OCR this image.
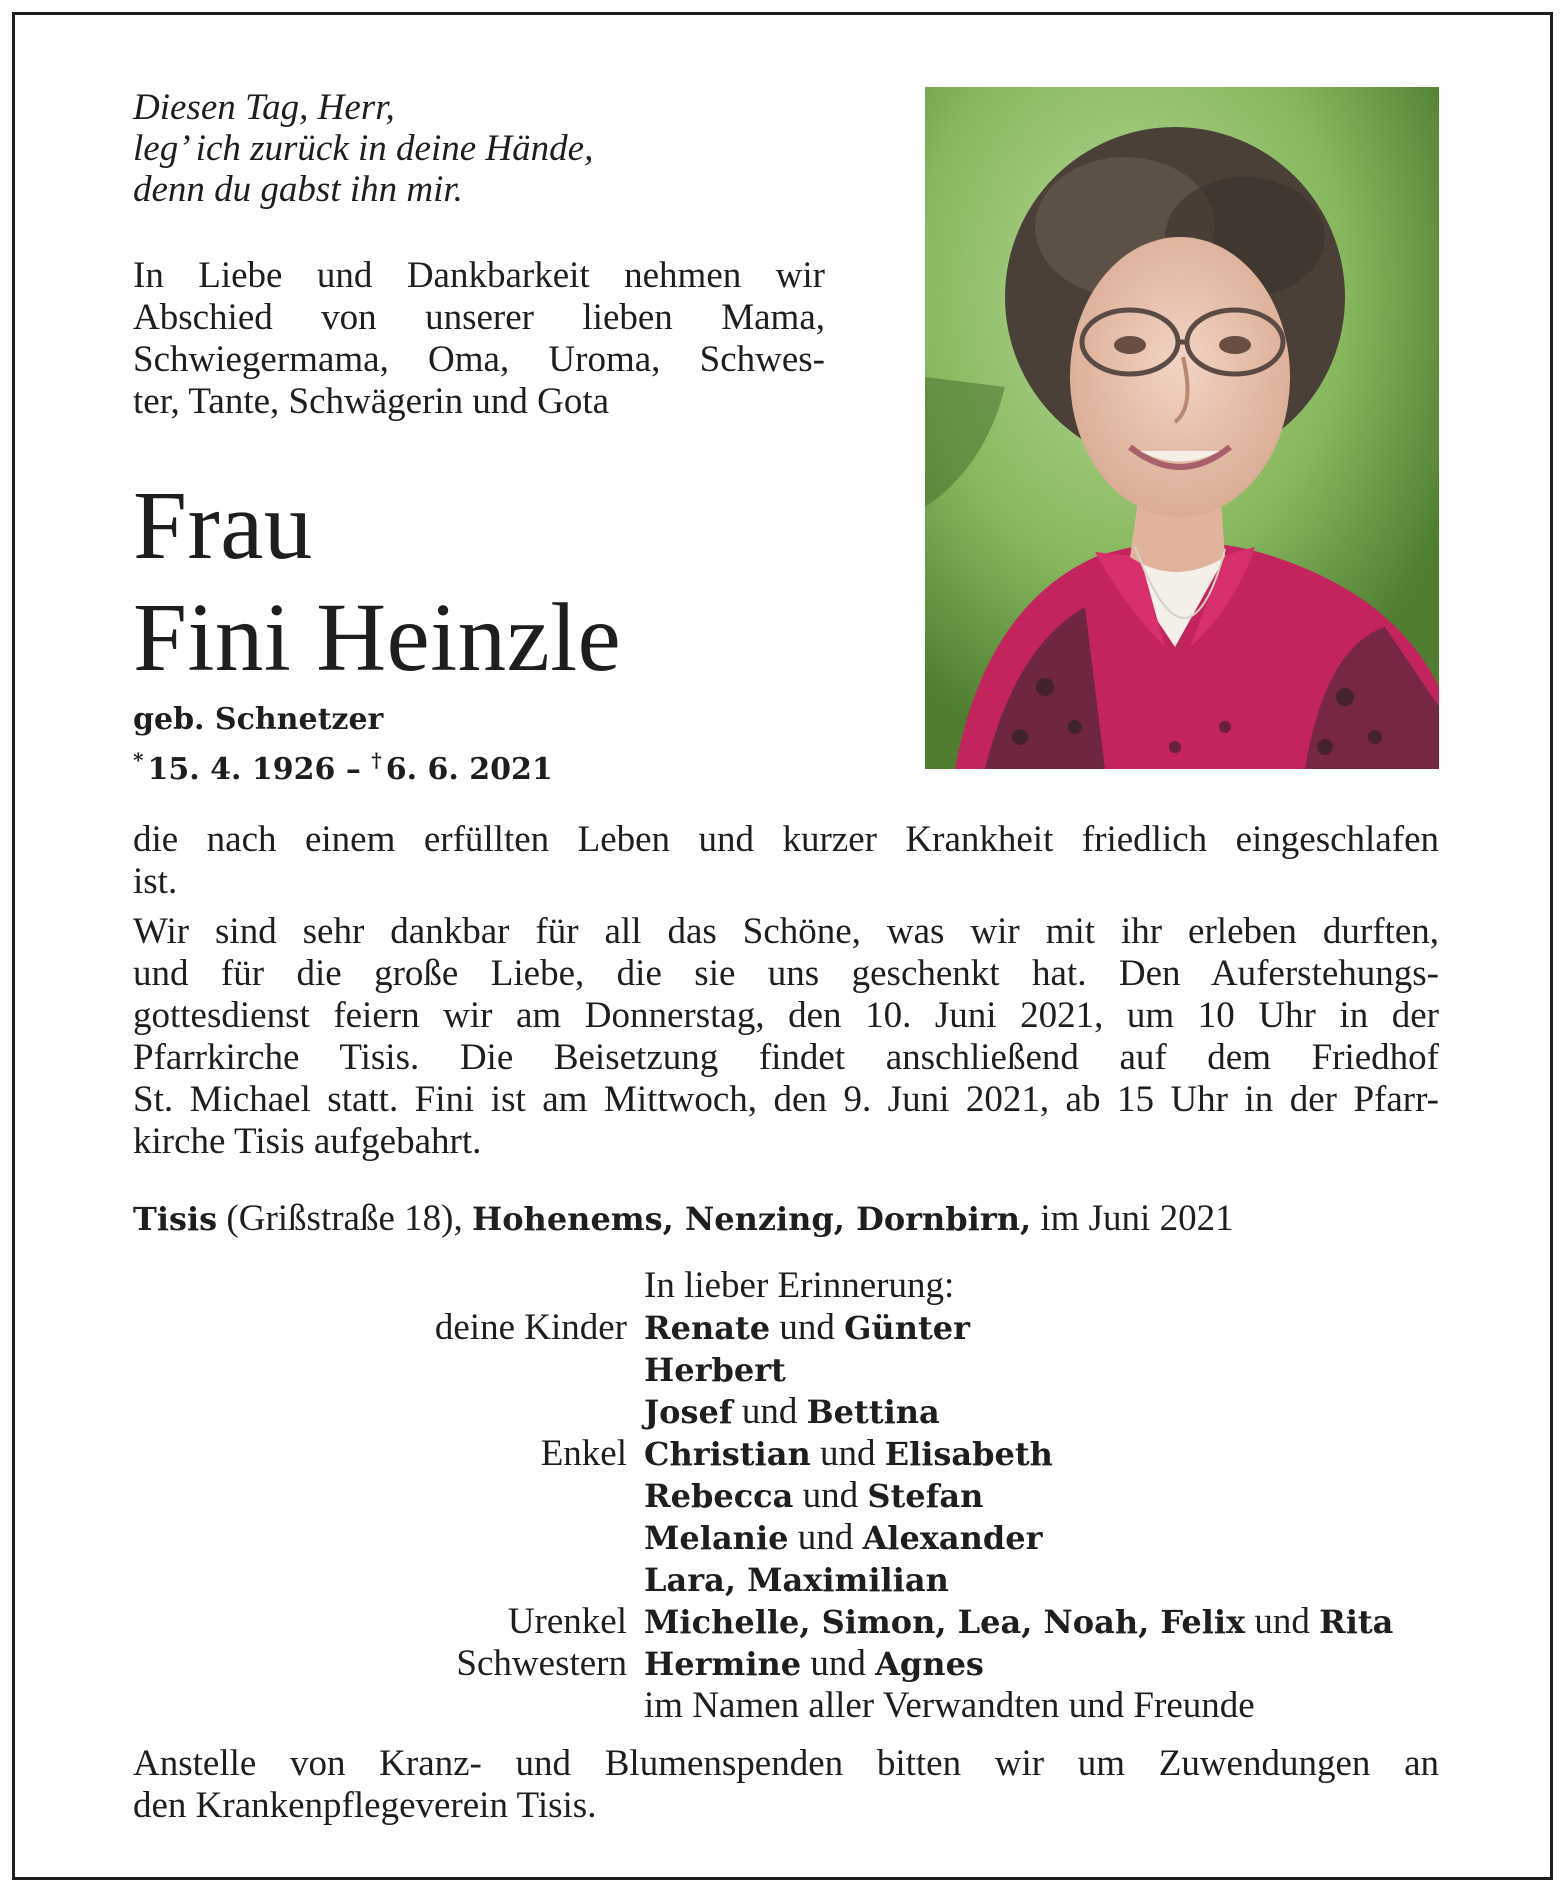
Diesen Tag, Herr,
leg’ ich zurück in deine Hände,
denn du gabst ihn mir.
In Liebe und Dankbarkeit nehmen wir
Abschied von unserer lieben Mama,
Schwiegermama, Oma, Uroma, Schwes-
ter, Tante, Schwägerin und Gota
Frau
Fini Heinzle
geb. Schnetzer
* 15. 4. 1926 – † 6. 6. 2021
die nach einem erfüllten Leben und kurzer Krankheit friedlich eingeschlafen
ist.
Wir sind sehr dankbar für all das Schöne, was wir mit ihr erleben durften,
und für die große Liebe, die sie uns geschenkt hat. Den Auferstehungs-
gottesdienst feiern wir am Donnerstag, den 10. Juni 2021, um 10 Uhr in der
Pfarrkirche Tisis. Die Beisetzung findet anschließend auf dem Friedhof
St. Michael statt. Fini ist am Mittwoch, den 9. Juni 2021, ab 15 Uhr in der Pfarr-
kirche Tisis aufgebahrt.
Tisis (Grißstraße 18), Hohenems, Nenzing, Dornbirn, im Juni 2021
In lieber Erinnerung:
deine Kinder Renate und Günter
Herbert
Josef und Bettina
Enkel Christian und Elisabeth
Rebecca und Stefan
Melanie und Alexander
Lara, Maximilian
Urenkel Michelle, Simon, Lea, Noah, Felix und Rita
Schwestern Hermine und Agnes
im Namen aller Verwandten und Freunde
Anstelle von Kranz- und Blumenspenden bitten wir um Zuwendungen an
den Krankenpflegeverein Tisis.
